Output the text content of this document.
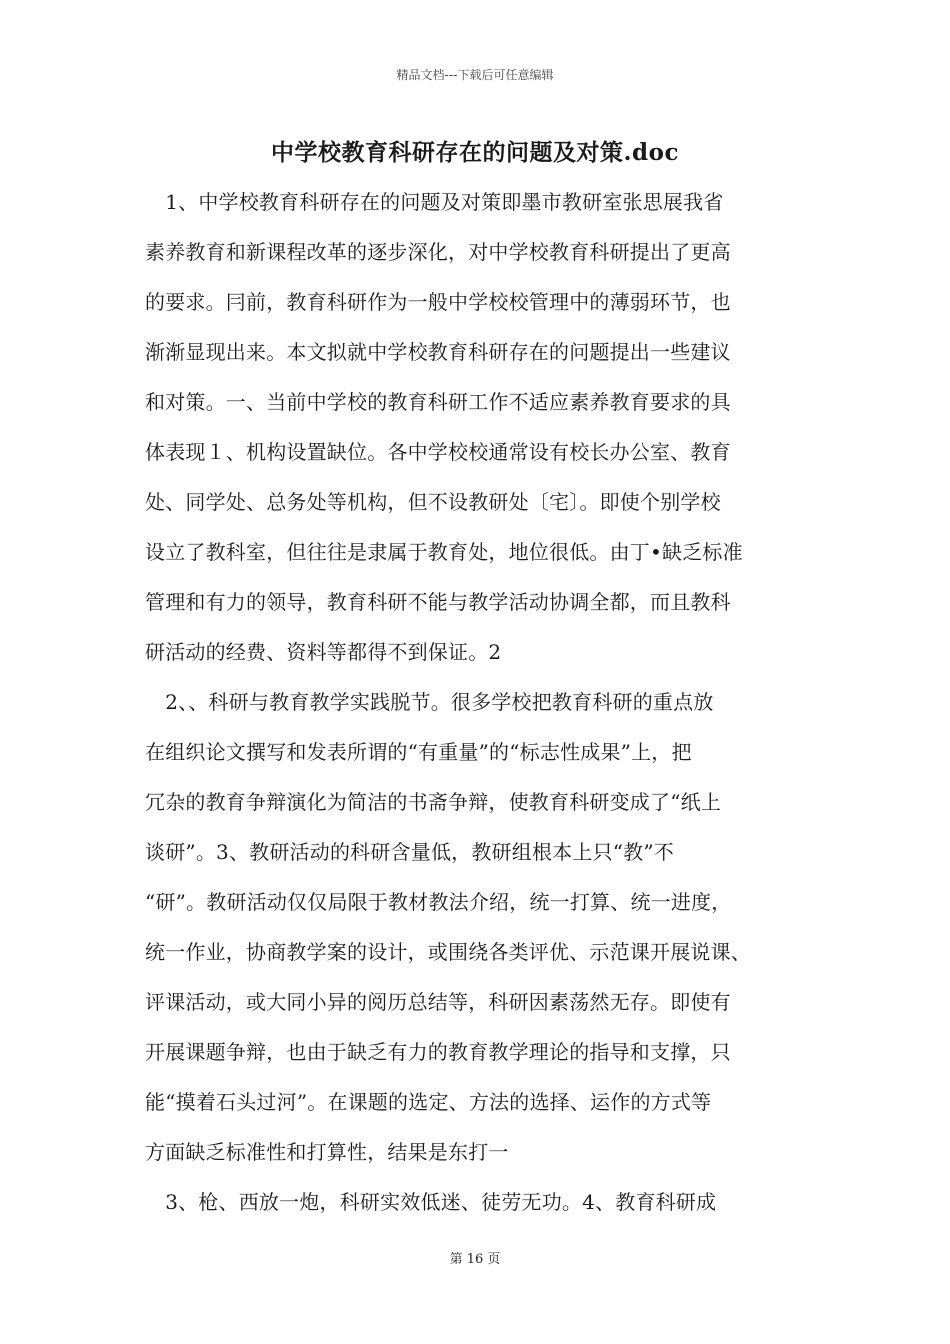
精品文档---下载后可任意编辑
中学校教育科研存在的问题及对策.doc
　1、中学校教育科研存在的问题及对策即墨市教研室张思展我省
素养教育和新课程改革的逐步深化，对中学校教育科研提出了更高
的要求。冃前，教育科研作为一般中学校校管理中的薄弱环节，也
渐渐显现出来。本文拟就中学校教育科研存在的问题提出一些建议
和对策。一、当前中学校的教育科研工作不适应素养教育要求的具
体表现１、机构设置缺位。各中学校校通常设有校长办公室、教育
处、同学处、总务处等机构，但不设教研处〔宅〕。即使个别学校
设立了教科室，但往往是隶属于教育处，地位很低。由丁•缺乏标准
管理和有力的领导，教育科研不能与教学活动协调全都，而且教科
研活动的经费、资料等都得不到保证。2
　2、、科研与教育教学实践脱节。很多学校把教育科研的重点放
在组织论文撰写和发表所谓的“有重量”的“标志性成果”上，把
冗杂的教育争辩演化为简洁的书斋争辩，使教育科研变成了“纸上
谈研”。3、教研活动的科研含量低，教研组根本上只“教”不
“研”。教研活动仅仅局限于教材教法介绍，统一打算、统一进度，
统一作业，协商教学案的设计，或围绕各类评优、示范课开展说课、
评课活动，或大同小异的阅历总结等，科研因素荡然无存。即使有
开展课题争辩，也由于缺乏有力的教育教学理论的指导和支撑，只
能“摸着石头过河”。在课题的选定、方法的选择、运作的方式等
方面缺乏标准性和打算性，结果是东打一
　3、枪、西放一炮，科研实效低迷、徒劳无功。4、教育科研成
第 16 页
